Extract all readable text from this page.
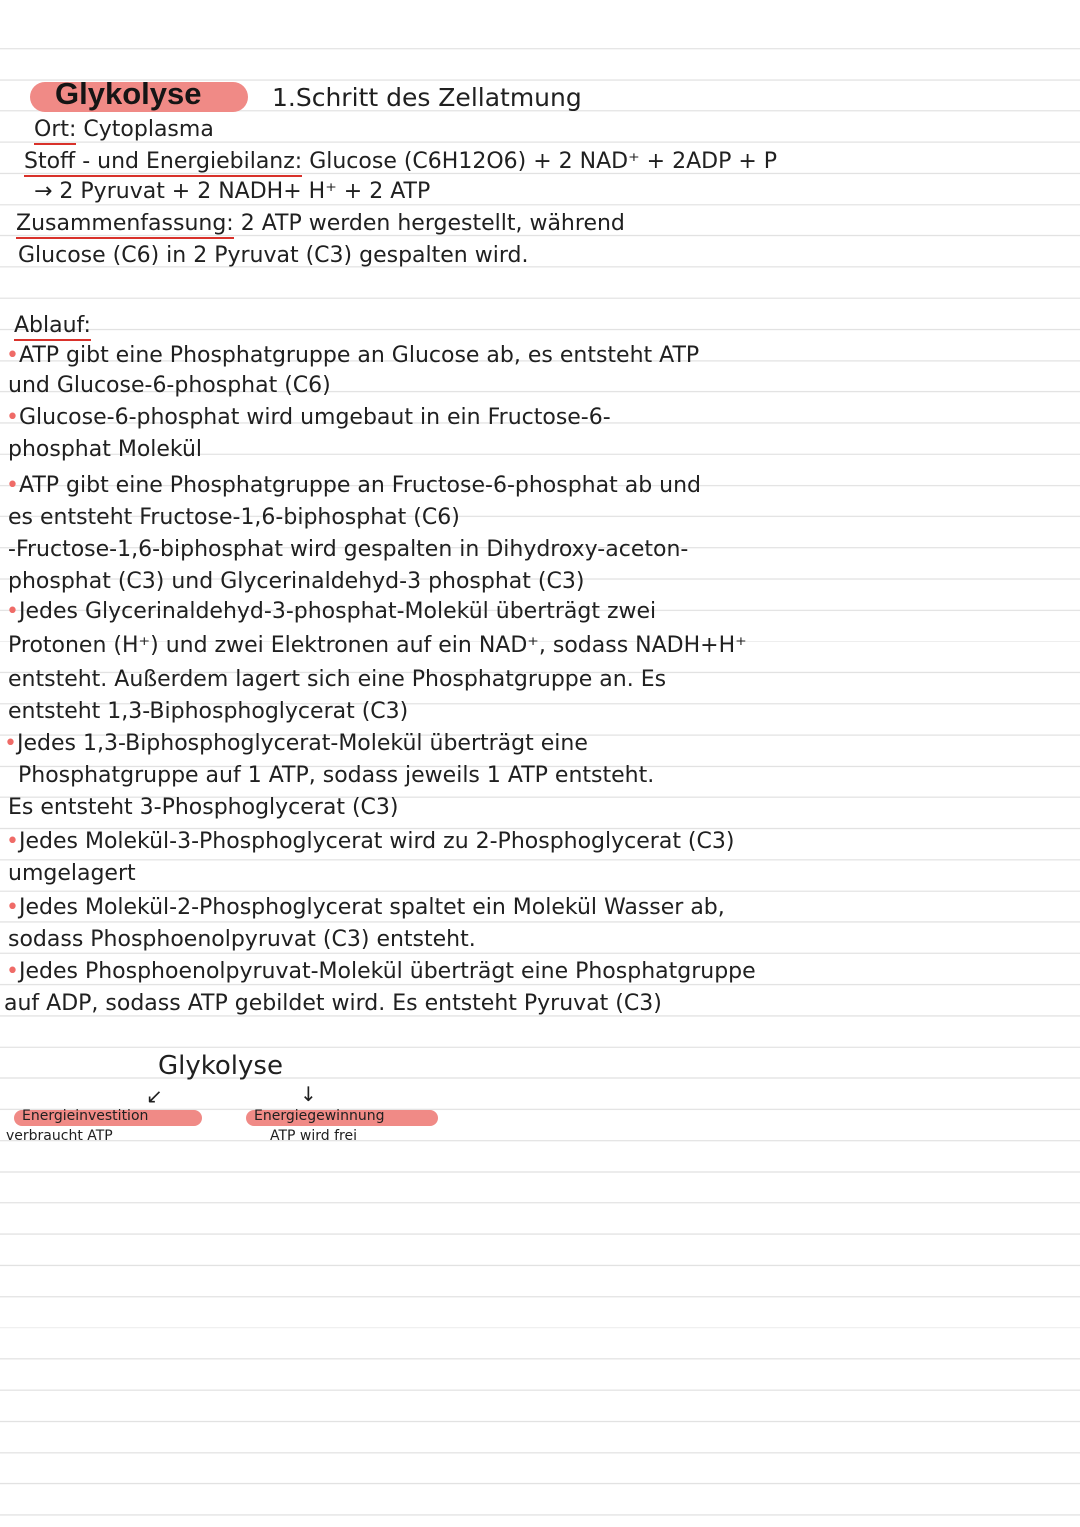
Glykolyse	1.Schritt des Zellatmung
Ort: Cytoplasma
Stoff - und Energiebilanz: Glucose (C6H12O6) + 2 NAD⁺ + 2ADP + P
→ 2 Pyruvat + 2 NADH+ H⁺ + 2 ATP
Zusammenfassung: 2 ATP werden hergestellt, während
Glucose (C6) in 2 Pyruvat (C3) gespalten wird.
Ablauf:
•ATP gibt eine Phosphatgruppe an Glucose ab, es entsteht ATP
und Glucose-6-phosphat (C6)
•Glucose-6-phosphat wird umgebaut in ein Fructose-6-
phosphat Molekül
•ATP gibt eine Phosphatgruppe an Fructose-6-phosphat ab und
es entsteht Fructose-1,6-biphosphat (C6)
-Fructose-1,6-biphosphat wird gespalten in Dihydroxy-aceton-
phosphat (C3) und Glycerinaldehyd-3 phosphat (C3)
•Jedes Glycerinaldehyd-3-phosphat-Molekül überträgt zwei
Protonen (H⁺) und zwei Elektronen auf ein NAD⁺, sodass NADH+H⁺
entsteht. Außerdem lagert sich eine Phosphatgruppe an. Es
entsteht 1,3-Biphosphoglycerat (C3)
•Jedes 1,3-Biphosphoglycerat-Molekül überträgt eine
Phosphatgruppe auf 1 ATP, sodass jeweils 1 ATP entsteht.
Es entsteht 3-Phosphoglycerat (C3)
•Jedes Molekül-3-Phosphoglycerat wird zu 2-Phosphoglycerat (C3)
umgelagert
•Jedes Molekül-2-Phosphoglycerat spaltet ein Molekül Wasser ab,
sodass Phosphoenolpyruvat (C3) entsteht.
•Jedes Phosphoenolpyruvat-Molekül überträgt eine Phosphatgruppe
auf ADP, sodass ATP gebildet wird. Es entsteht Pyruvat (C3)
Glykolyse
↙	↓
Energieinvestition
verbraucht ATP
Energiegewinnung
ATP wird frei
